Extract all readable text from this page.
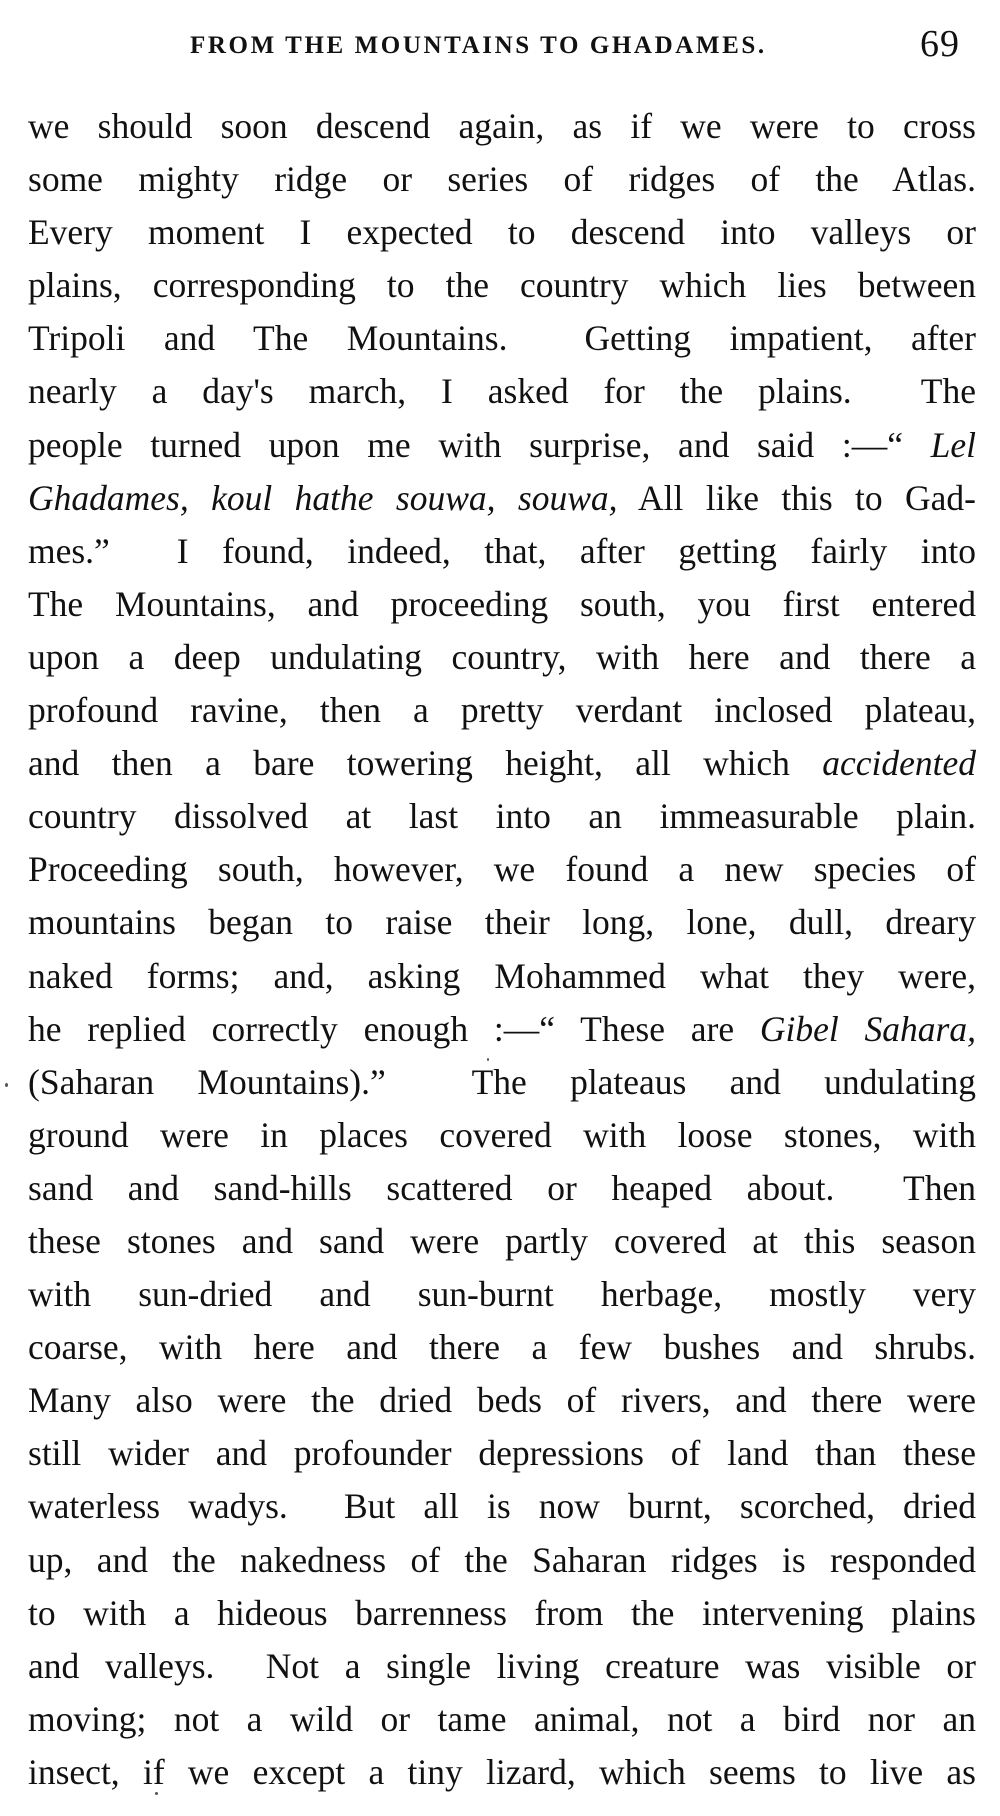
FROM THE MOUNTAINS TO GHADAMES.	69
we should soon descend again, as if we were to cross
some mighty ridge or series of ridges of the Atlas.
Every moment I expected to descend into valleys or
plains, corresponding to the country which lies between
Tripoli and The Mountains.  Getting impatient, after
nearly a day's march, I asked for the plains.  The
people turned upon me with surprise, and said :—“ Lel
Ghadames, koul hathe souwa, souwa, All like this to Gad-
mes.”  I found, indeed, that, after getting fairly into
The Mountains, and proceeding south, you first entered
upon a deep undulating country, with here and there a
profound ravine, then a pretty verdant inclosed plateau,
and then a bare towering height, all which accidented
country dissolved at last into an immeasurable plain.
Proceeding south, however, we found a new species of
mountains began to raise their long, lone, dull, dreary
naked forms; and, asking Mohammed what they were,
he replied correctly enough :—“ These are Gibel Sahara,
(Saharan Mountains).”  The plateaus and undulating
ground were in places covered with loose stones, with
sand and sand-hills scattered or heaped about.  Then
these stones and sand were partly covered at this season
with sun-dried and sun-burnt herbage, mostly very
coarse, with here and there a few bushes and shrubs.
Many also were the dried beds of rivers, and there were
still wider and profounder depressions of land than these
waterless wadys.  But all is now burnt, scorched, dried
up, and the nakedness of the Saharan ridges is responded
to with a hideous barrenness from the intervening plains
and valleys.  Not a single living creature was visible or
moving; not a wild or tame animal, not a bird nor an
insect, if we except a tiny lizard, which seems to live as
